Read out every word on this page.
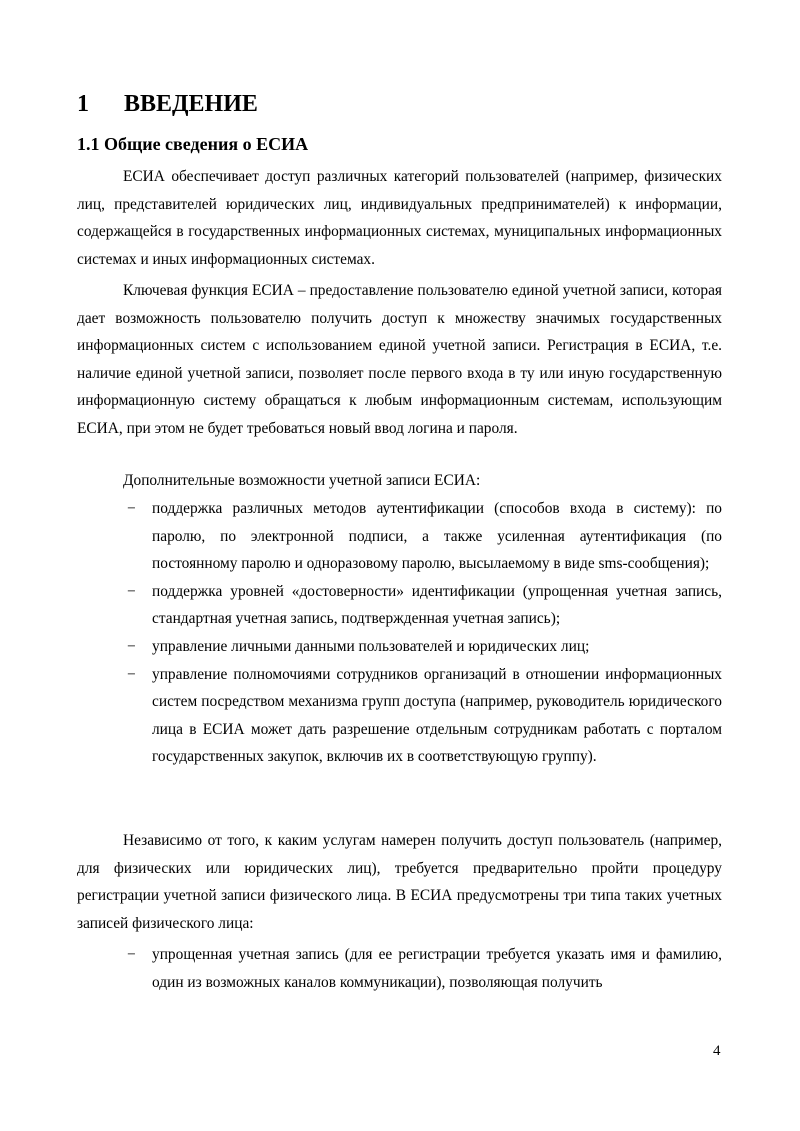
1 ВВЕДЕНИЕ
1.1 Общие сведения о ЕСИА
ЕСИА обеспечивает доступ различных категорий пользователей (например, физических лиц, представителей юридических лиц, индивидуальных предпринимателей) к информации, содержащейся в государственных информационных системах, муниципальных информационных системах и иных информационных системах.
Ключевая функция ЕСИА – предоставление пользователю единой учетной записи, которая дает возможность пользователю получить доступ к множеству значимых государственных информационных систем с использованием единой учетной записи. Регистрация в ЕСИА, т.е. наличие единой учетной записи, позволяет после первого входа в ту или иную государственную информационную систему обращаться к любым информационным системам, использующим ЕСИА, при этом не будет требоваться новый ввод логина и пароля.
Дополнительные возможности учетной записи ЕСИА:
− поддержка различных методов аутентификации (способов входа в систему): по паролю, по электронной подписи, а также усиленная аутентификация (по постоянному паролю и одноразовому паролю, высылаемому в виде sms-сообщения);
− поддержка уровней «достоверности» идентификации (упрощенная учетная запись, стандартная учетная запись, подтвержденная учетная запись);
− управление личными данными пользователей и юридических лиц;
− управление полномочиями сотрудников организаций в отношении информационных систем посредством механизма групп доступа (например, руководитель юридического лица в ЕСИА может дать разрешение отдельным сотрудникам работать с порталом государственных закупок, включив их в соответствующую группу).
Независимо от того, к каким услугам намерен получить доступ пользователь (например, для физических или юридических лиц), требуется предварительно пройти процедуру регистрации учетной записи физического лица. В ЕСИА предусмотрены три типа таких учетных записей физического лица:
− упрощенная учетная запись (для ее регистрации требуется указать имя и фамилию, один из возможных каналов коммуникации), позволяющая получить
4
